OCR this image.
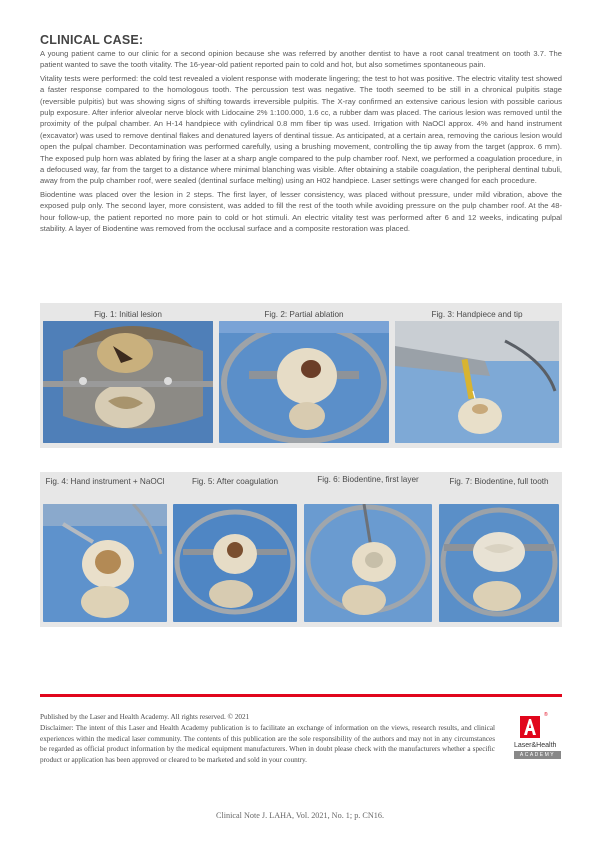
CLINICAL CASE:

A young patient came to our clinic for a second opinion because she was referred by another dentist to have a root canal treatment on tooth 3.7. The patient wanted to save the tooth vitality. The 16-year-old patient reported pain to cold and hot, but also sometimes spontaneous pain.

Vitality tests were performed: the cold test revealed a violent response with moderate lingering; the test to hot was positive. The electric vitality test showed a faster response compared to the homologous tooth. The percussion test was negative. The tooth seemed to be still in a chronical pulpitis stage (reversible pulpitis) but was showing signs of shifting towards irreversible pulpitis. The X-ray confirmed an extensive carious lesion with possible carious pulp exposure. After inferior alveolar nerve block with Lidocaine 2% 1:100.000, 1.6 cc, a rubber dam was placed. The carious lesion was removed until the proximity of the pulpal chamber. An H-14 handpiece with cylindrical 0.8 mm fiber tip was used. Irrigation with NaOCl approx. 4% and hand instrument (excavator) was used to remove dentinal flakes and denatured layers of dentinal tissue. As anticipated, at a certain area, removing the carious lesion would open the pulpal chamber. Decontamination was performed carefully, using a brushing movement, controlling the tip away from the target (approx. 6 mm). The exposed pulp horn was ablated by firing the laser at a sharp angle compared to the pulp chamber roof. Next, we performed a coagulation procedure, in a defocused way, far from the target to a distance where minimal blanching was visible. After obtaining a stabile coagulation, the peripheral dentinal tubuli, away from the pulp chamber roof, were sealed (dentinal surface melting) using an H02 handpiece. Laser settings were changed for each procedure.

Biodentine was placed over the lesion in 2 steps. The first layer, of lesser consistency, was placed without pressure, under mild vibration, above the exposed pulp only. The second layer, more consistent, was added to fill the rest of the tooth while avoiding pressure on the pulp chamber roof. At the 48-hour follow-up, the patient reported no more pain to cold or hot stimuli. An electric vitality test was performed after 6 and 12 weeks, indicating pulpal stability. A layer of Biodentine was removed from the occlusal surface and a composite restoration was placed.

Fig. 1: Initial lesion	Fig. 2: Partial ablation	Fig. 3: Handpiece and tip
Fig. 4: Hand instrument + NaOCl	Fig. 5: After coagulation	Fig. 6: Biodentine, first layer	Fig. 7: Biodentine, full tooth

Published by the Laser and Health Academy. All rights reserved. © 2021

Disclaimer: The intent of this Laser and Health Academy publication is to facilitate an exchange of information on the views, research results, and clinical experiences within the medical laser community. The contents of this publication are the sole responsibility of the authors and may not in any circumstances be regarded as official product information by the medical equipment manufacturers. When in doubt please check with the manufacturers whether a specific product or application has been approved or cleared to be marketed and sold in your country.

®
Laser&Health
ACADEMY
Clinical Note J. LAHA, Vol. 2021, No. 1; p. CN16.
